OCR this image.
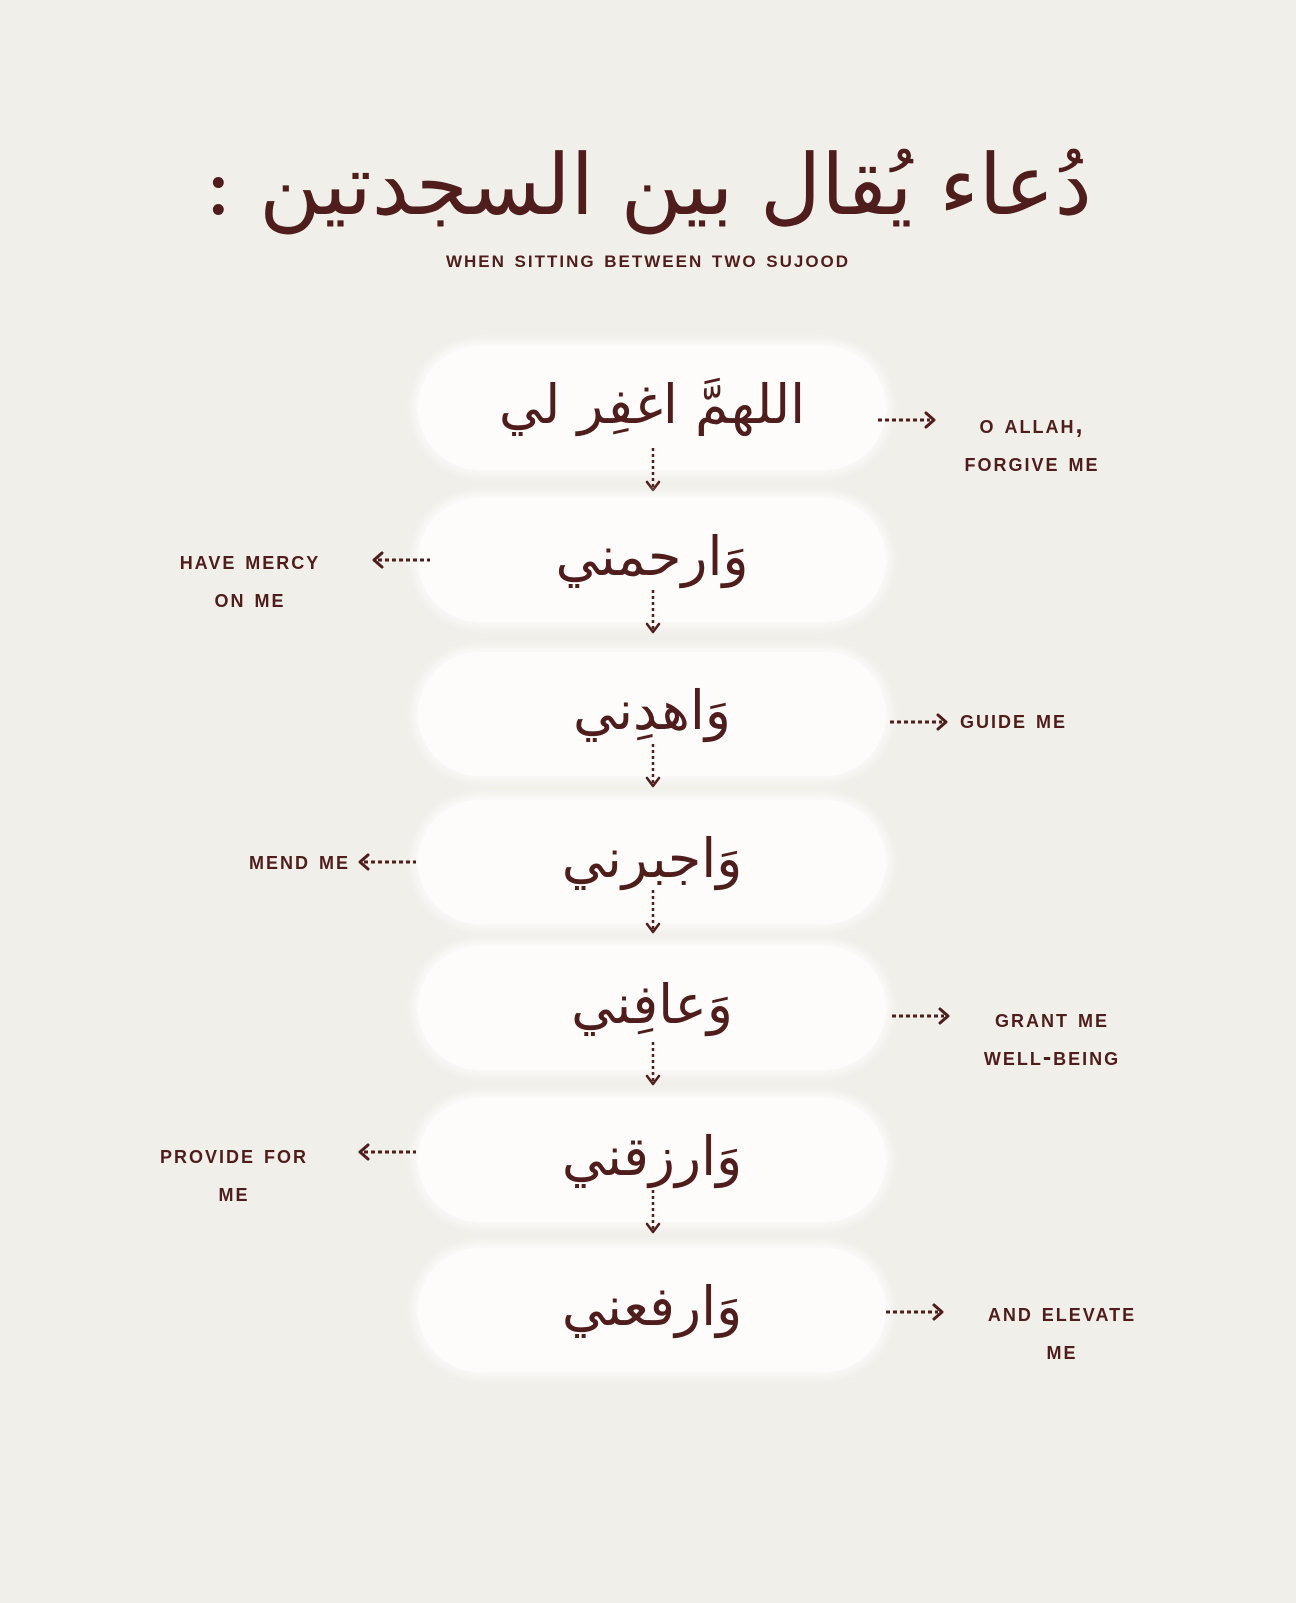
دُعاء يُقال بين السجدتين :
when sitting between two sujood
اللهمَّ اغفِر لي	o allah,
forgive me
وَارحمني
have mercy
on me
وَاهدِني	guide me
وَاجبرني
mend me
وَعافِني	grant me
well-being
وَارزقني
provide for
me
وَارفعني	and elevate
me
